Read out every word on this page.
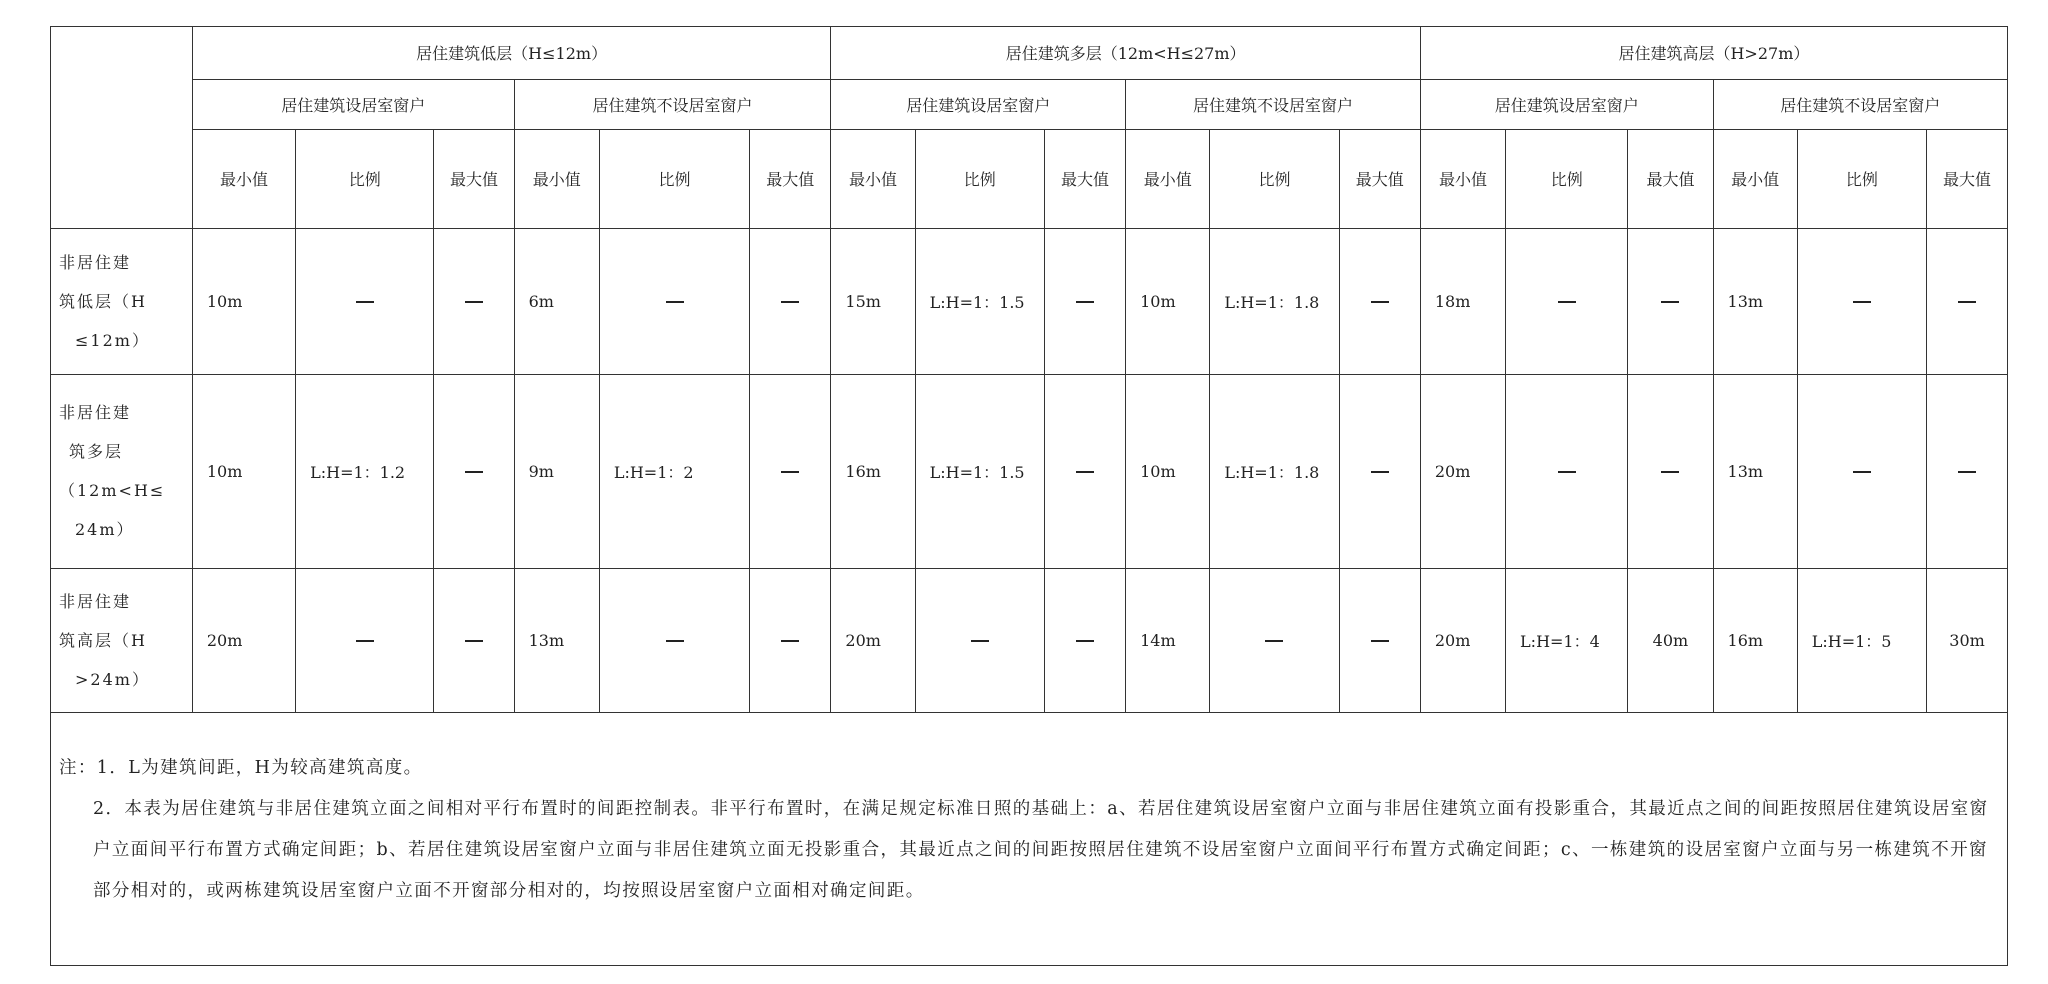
	居住建筑低层（H≤12m）						居住建筑多层（12m<H≤27m）						居住建筑高层（H>27m）					
	居住建筑设居室窗户			居住建筑不设居室窗户			居住建筑设居室窗户			居住建筑不设居室窗户			居住建筑设居室窗户			居住建筑不设居室窗户		
	最小值	比例	最大值	最小值	比例	最大值	最小值	比例	最大值	最小值	比例	最大值	最小值	比例	最大值	最小值	比例	最大值

非居住建
筑低层（H
≤12m）	10m			6m			15m	L:H=1：1.5		10m	L:H=1：1.8		18m			13m		

非居住建
筑多层
（12m<H≤
24m）	10m	L:H=1：1.2		9m	L:H=1：2		16m	L:H=1：1.5		10m	L:H=1：1.8		20m			13m		

非居住建
筑高层（H
>24m）	20m			13m			20m			14m			20m	L:H=1：4	40m	16m	L:H=1：5	30m

注：1．L为建筑间距，H为较高建筑高度。

2．本表为居住建筑与非居住建筑立面之间相对平行布置时的间距控制表。非平行布置时，在满足规定标准日照的基础上：a、若居住建筑设居室窗户立面与非居住建筑立面有投影重合，其最近点之间的间距按照居住建筑设居室窗户立面间平行布置方式确定间距；b、若居住建筑设居室窗户立面与非居住建筑立面无投影重合，其最近点之间的间距按照居住建筑不设居室窗户立面间平行布置方式确定间距；c、一栋建筑的设居室窗户立面与另一栋建筑不开窗部分相对的，或两栋建筑设居室窗户立面不开窗部分相对的，均按照设居室窗户立面相对确定间距。
